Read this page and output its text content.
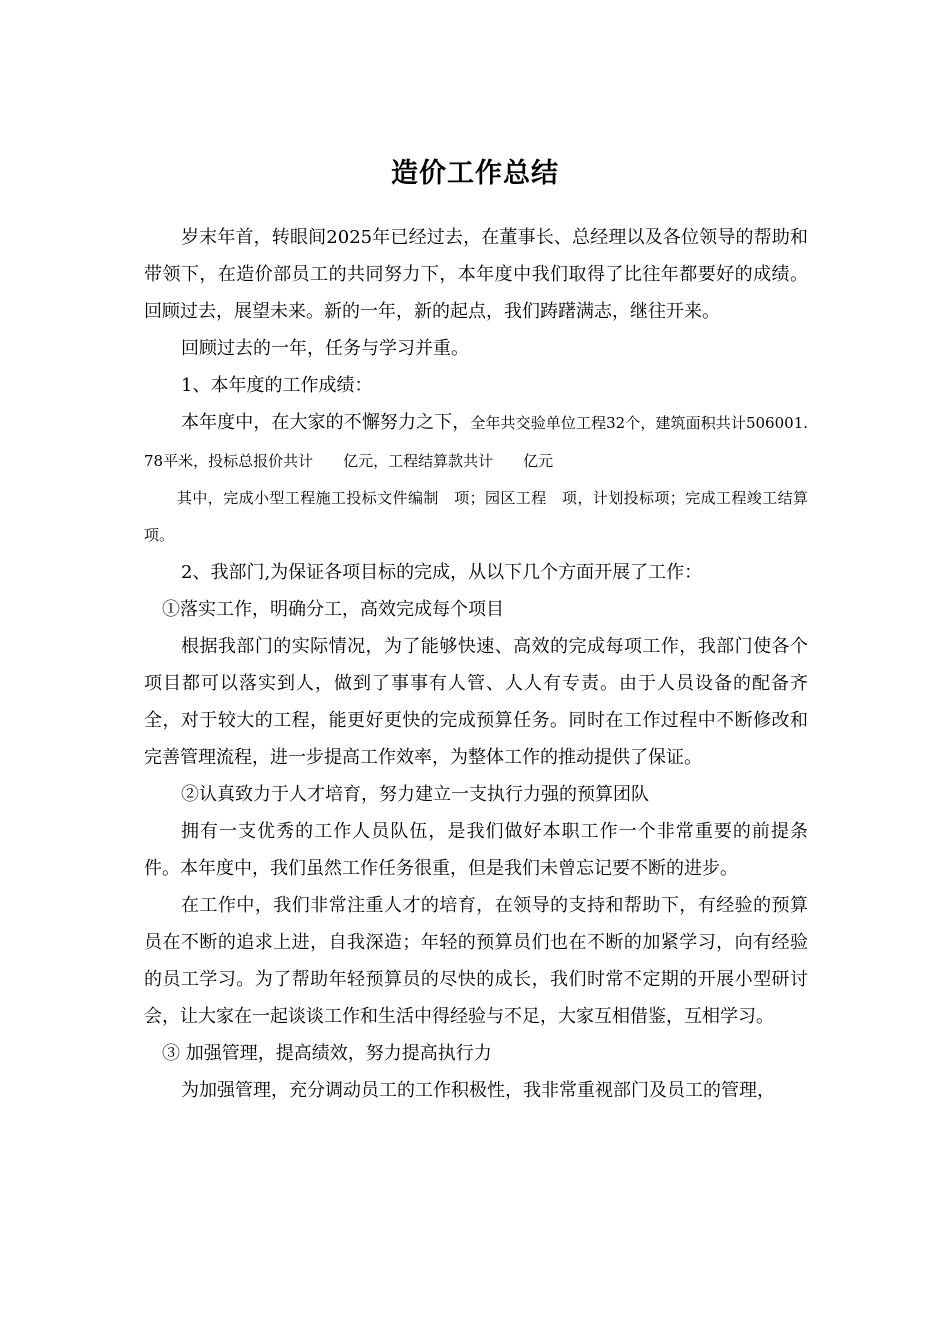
造价工作总结

岁末年首，转眼间2025年已经过去，在董事长、总经理以及各位领导的帮助和带领下，在造价部员工的共同努力下，本年度中我们取得了比往年都要好的成绩。回顾过去，展望未来。新的一年，新的起点，我们踌躇满志，继往开来。

回顾过去的一年，任务与学习并重。

1、本年度的工作成绩：

本年度中，在大家的不懈努力之下，全年共交验单位工程32个，建筑面积共计506001.78平米，投标总报价共计　　亿元，工程结算款共计　　亿元

其中，完成小型工程施工投标文件编制　项；园区工程　项，计划投标项；完成工程竣工结算　项。

2、我部门,为保证各项目标的完成，从以下几个方面开展了工作：

①落实工作，明确分工，高效完成每个项目

根据我部门的实际情况，为了能够快速、高效的完成每项工作，我部门使各个项目都可以落实到人，做到了事事有人管、人人有专责。由于人员设备的配备齐全，对于较大的工程，能更好更快的完成预算任务。同时在工作过程中不断修改和完善管理流程，进一步提高工作效率，为整体工作的推动提供了保证。

②认真致力于人才培育，努力建立一支执行力强的预算团队

拥有一支优秀的工作人员队伍，是我们做好本职工作一个非常重要的前提条件。本年度中，我们虽然工作任务很重，但是我们未曾忘记要不断的进步。

在工作中，我们非常注重人才的培育，在领导的支持和帮助下，有经验的预算员在不断的追求上进，自我深造；年轻的预算员们也在不断的加紧学习，向有经验的员工学习。为了帮助年轻预算员的尽快的成长，我们时常不定期的开展小型研讨会，让大家在一起谈谈工作和生活中得经验与不足，大家互相借鉴，互相学习。

③ 加强管理，提高绩效，努力提高执行力

为加强管理，充分调动员工的工作积极性，我非常重视部门及员工的管理，
